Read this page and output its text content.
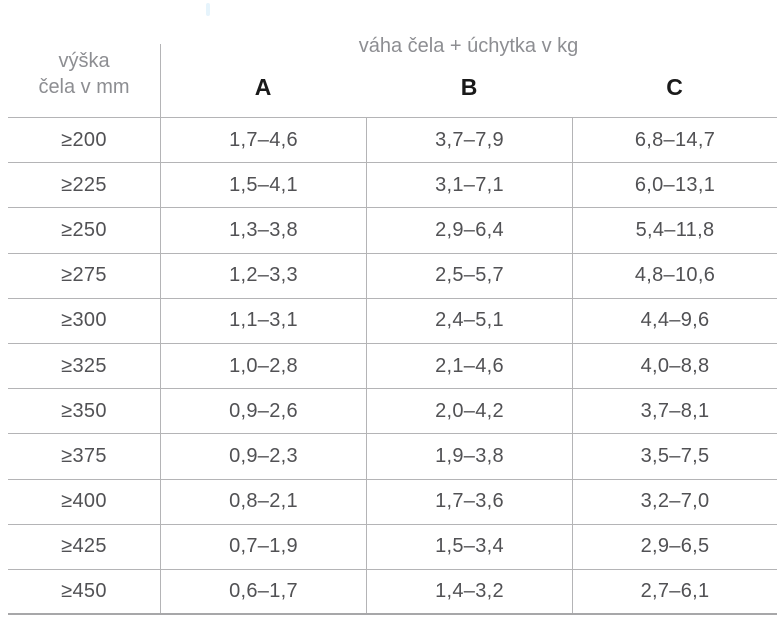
výška
čela v mm
váha čela + úchytka v kg
A	B	C
≥200	1,7–4,6	3,7–7,9	6,8–14,7
≥225	1,5–4,1	3,1–7,1	6,0–13,1
≥250	1,3–3,8	2,9–6,4	5,4–11,8
≥275	1,2–3,3	2,5–5,7	4,8–10,6
≥300	1,1–3,1	2,4–5,1	4,4–9,6
≥325	1,0–2,8	2,1–4,6	4,0–8,8
≥350	0,9–2,6	2,0–4,2	3,7–8,1
≥375	0,9–2,3	1,9–3,8	3,5–7,5
≥400	0,8–2,1	1,7–3,6	3,2–7,0
≥425	0,7–1,9	1,5–3,4	2,9–6,5
≥450	0,6–1,7	1,4–3,2	2,7–6,1
